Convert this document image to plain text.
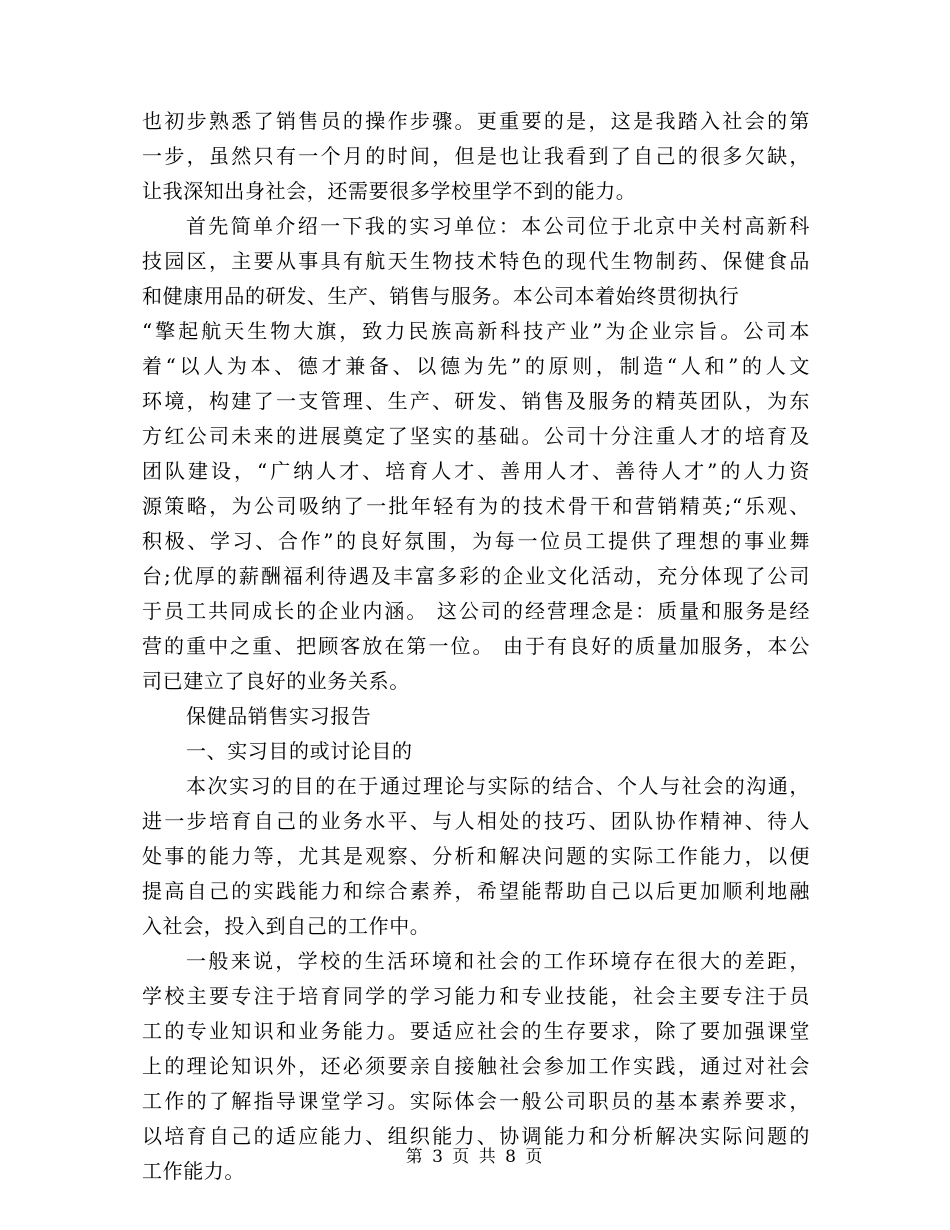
也初步熟悉了销售员的操作步骤。更重要的是，这是我踏入社会的第
一步，虽然只有一个月的时间，但是也让我看到了自己的很多欠缺，
让我深知出身社会，还需要很多学校里学不到的能力。
首先简单介绍一下我的实习单位：本公司位于北京中关村高新科
技园区，主要从事具有航天生物技术特色的现代生物制药、保健食品
和健康用品的研发、生产、销售与服务。本公司本着始终贯彻执行
“擎起航天生物大旗，致力民族高新科技产业”为企业宗旨。公司本
着“以人为本、德才兼备、以德为先”的原则，制造“人和”的人文
环境，构建了一支管理、生产、研发、销售及服务的精英团队，为东
方红公司未来的进展奠定了坚实的基础。公司十分注重人才的培育及
团队建设，“广纳人才、培育人才、善用人才、善待人才”的人力资
源策略，为公司吸纳了一批年轻有为的技术骨干和营销精英;“乐观、
积极、学习、合作”的良好氛围，为每一位员工提供了理想的事业舞
台;优厚的薪酬福利待遇及丰富多彩的企业文化活动，充分体现了公司
于员工共同成长的企业内涵。 这公司的经营理念是：质量和服务是经
营的重中之重、把顾客放在第一位。 由于有良好的质量加服务，本公
司已建立了良好的业务关系。
保健品销售实习报告
一、实习目的或讨论目的
本次实习的目的在于通过理论与实际的结合、个人与社会的沟通，
进一步培育自己的业务水平、与人相处的技巧、团队协作精神、待人
处事的能力等，尤其是观察、分析和解决问题的实际工作能力，以便
提高自己的实践能力和综合素养，希望能帮助自己以后更加顺利地融
入社会，投入到自己的工作中。
一般来说，学校的生活环境和社会的工作环境存在很大的差距，
学校主要专注于培育同学的学习能力和专业技能，社会主要专注于员
工的专业知识和业务能力。要适应社会的生存要求，除了要加强课堂
上的理论知识外，还必须要亲自接触社会参加工作实践，通过对社会
工作的了解指导课堂学习。实际体会一般公司职员的基本素养要求，
以培育自己的适应能力、组织能力、协调能力和分析解决实际问题的
工作能力。
第 3 页 共 8 页
